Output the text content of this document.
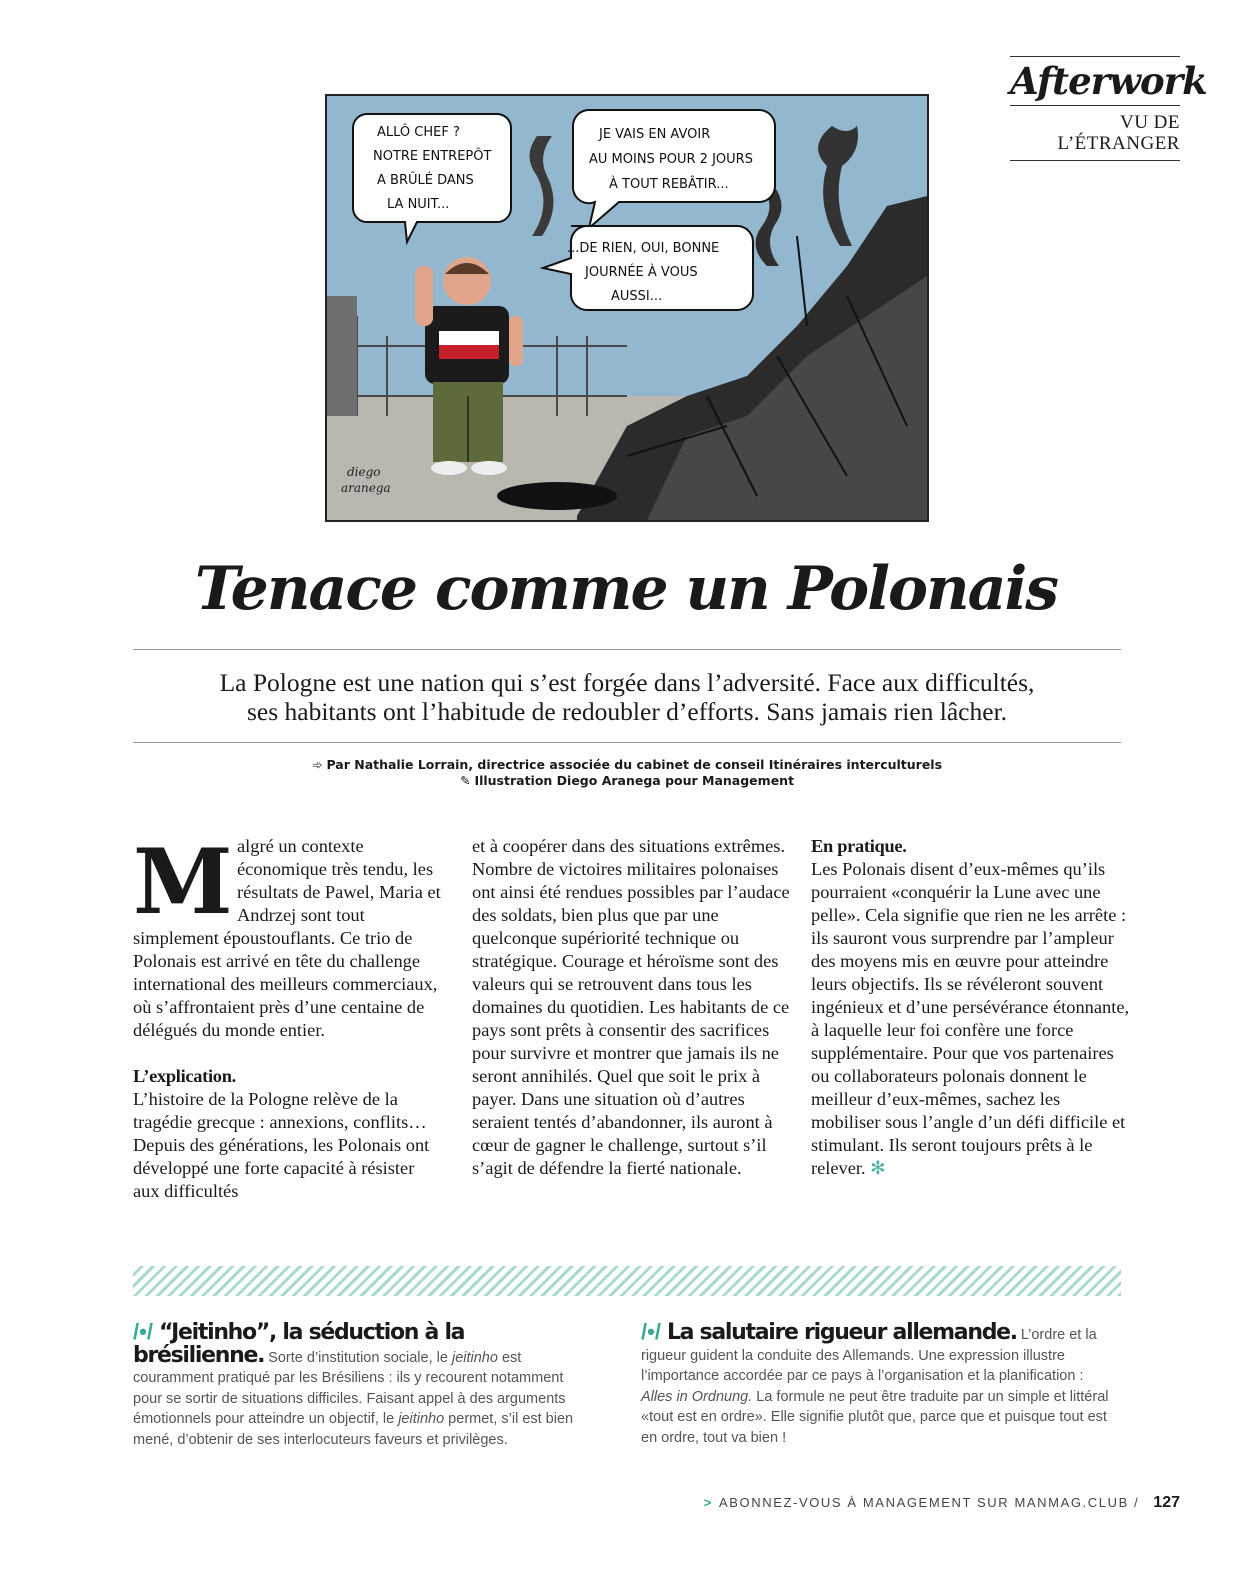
Afterwork
VU DE
L’ÉTRANGER
ALLÔ CHEF ?
NOTRE ENTREPÔT
A BRÛLÉ DANS
LA NUIT...
JE VAIS EN AVOIR
AU MOINS POUR 2 JOURS
À TOUT REBÂTIR...
...DE RIEN, OUI, BONNE
JOURNÉE À VOUS
AUSSI...
diego
aranega
Tenace comme un Polonais
La Pologne est une nation qui s’est forgée dans l’adversité. Face aux difficultés,
ses habitants ont l’habitude de redoubler d’efforts. Sans jamais rien lâcher.
➾ Par Nathalie Lorrain, directrice associée du cabinet de conseil Itinéraires interculturels
✎ Illustration Diego Aranega pour Management

Malgré un contexte économique très tendu, les résultats de Pawel, Maria et Andrzej sont tout simplement époustouflants. Ce trio de Polonais est arrivé en tête du challenge international des meilleurs commerciaux, où s’affrontaient près d’une centaine de délégués du monde entier.

L’explication.

L’histoire de la Pologne relève de la tragédie grecque : annexions, conflits… Depuis des générations, les Polonais ont développé une forte capacité à résister aux difficultés

et à coopérer dans des situations extrêmes. Nombre de victoires militaires polonaises ont ainsi été rendues possibles par l’audace des soldats, bien plus que par une quelconque supériorité technique ou stratégique. Courage et héroïsme sont des valeurs qui se retrouvent dans tous les domaines du quotidien. Les habitants de ce pays sont prêts à consentir des sacrifices pour survivre et montrer que jamais ils ne seront annihilés. Quel que soit le prix à payer. Dans une situation où d’autres seraient tentés d’abandonner, ils auront à cœur de gagner le challenge, surtout s’il s’agit de défendre la fierté nationale.

En pratique.

Les Polonais disent d’eux-mêmes qu’ils pourraient «conquérir la Lune avec une pelle». Cela signifie que rien ne les arrête : ils sauront vous surprendre par l’ampleur des moyens mis en œuvre pour atteindre leurs objectifs. Ils se révéleront souvent ingénieux et d’une persévérance étonnante, à laquelle leur foi confère une force supplémentaire. Pour que vos partenaires ou collaborateurs polonais donnent le meilleur d’eux-mêmes, sachez les mobiliser sous l’angle d’un défi difficile et stimulant. Ils seront toujours prêts à le relever. ✻

/•/ “Jeitinho”, la séduction à la brésilienne. Sorte d’institution sociale, le jeitinho est couramment pratiqué par les Brésiliens : ils y recourent notamment pour se sortir de situations difficiles. Faisant appel à des arguments émotionnels pour atteindre un objectif, le jeitinho permet, s’il est bien mené, d’obtenir de ses interlocuteurs faveurs et privilèges.
/•/ La salutaire rigueur allemande. L’ordre et la rigueur guident la conduite des Allemands. Une expression illustre l’importance accordée par ce pays à l’organisation et la planification : Alles in Ordnung. La formule ne peut être traduite par un simple et littéral «tout est en ordre». Elle signifie plutôt que, parce que et puisque tout est en ordre, tout va bien !
> ABONNEZ-VOUS À MANAGEMENT SUR MANMAG.CLUB / 127
